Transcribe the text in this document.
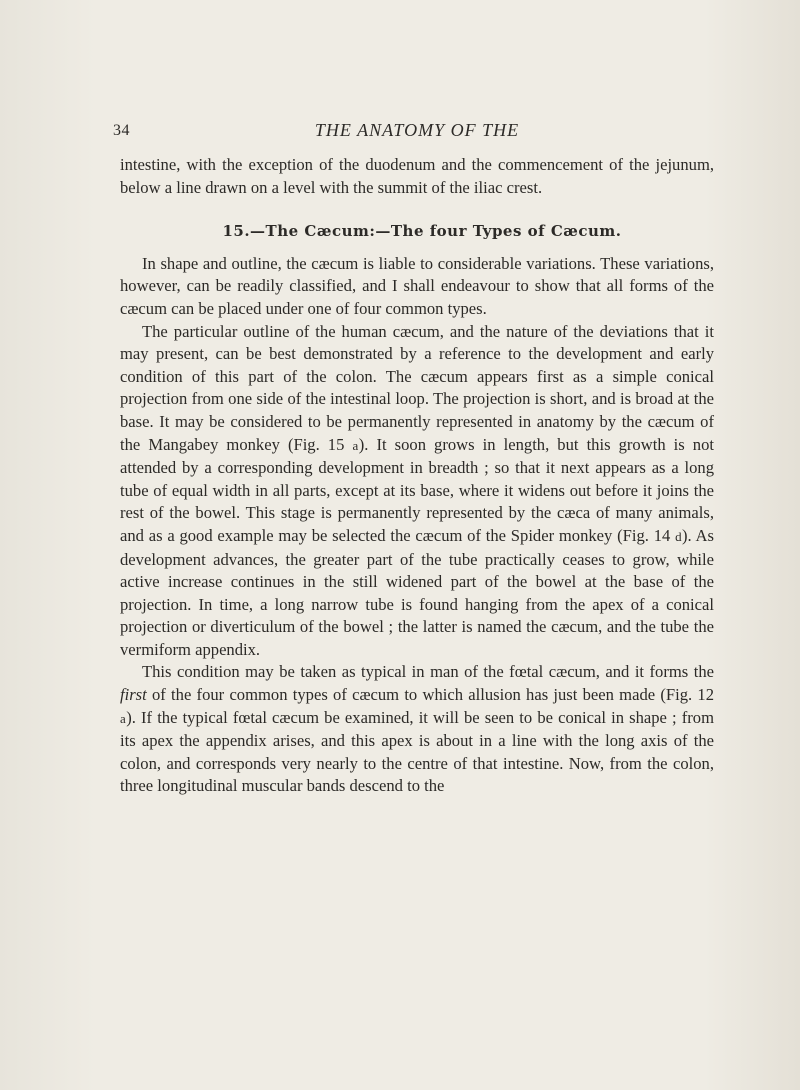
34	THE ANATOMY OF THE

intestine, with the exception of the duodenum and the commencement of the jejunum, below a line drawn on a level with the summit of the iliac crest.

15.—The Cæcum:—The four Types of Cæcum.

In shape and outline, the cæcum is liable to considerable variations. These variations, however, can be readily classified, and I shall endeavour to show that all forms of the cæcum can be placed under one of four common types.

The particular outline of the human cæcum, and the nature of the deviations that it may present, can be best demonstrated by a reference to the development and early condition of this part of the colon. The cæcum appears first as a simple conical projection from one side of the intestinal loop. The projection is short, and is broad at the base. It may be considered to be permanently represented in anatomy by the cæcum of the Mangabey monkey (Fig. 15 a). It soon grows in length, but this growth is not attended by a corresponding development in breadth ; so that it next appears as a long tube of equal width in all parts, except at its base, where it widens out before it joins the rest of the bowel. This stage is permanently represented by the cæca of many animals, and as a good example may be selected the cæcum of the Spider monkey (Fig. 14 d). As development advances, the greater part of the tube practically ceases to grow, while active increase continues in the still widened part of the bowel at the base of the projection. In time, a long narrow tube is found hanging from the apex of a conical projection or diverticulum of the bowel ; the latter is named the cæcum, and the tube the vermiform appendix.

This condition may be taken as typical in man of the fœtal cæcum, and it forms the first of the four common types of cæcum to which allusion has just been made (Fig. 12 a). If the typical fœtal cæcum be examined, it will be seen to be conical in shape ; from its apex the appendix arises, and this apex is about in a line with the long axis of the colon, and corresponds very nearly to the centre of that intestine. Now, from the colon, three longitudinal muscular bands descend to the
